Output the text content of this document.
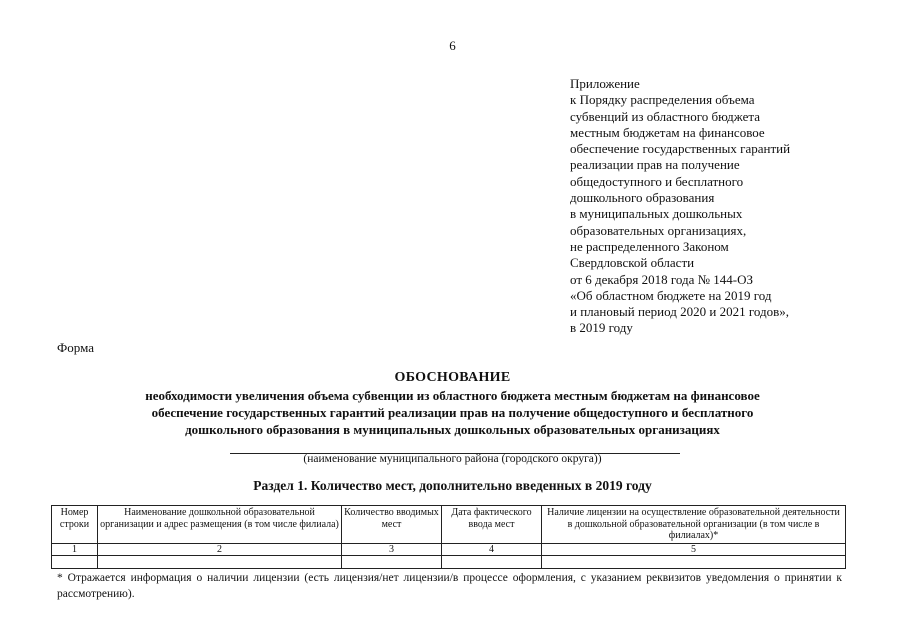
6
Приложение
к Порядку распределения объема
субвенций из областного бюджета
местным бюджетам на финансовое
обеспечение государственных гарантий
реализации прав на получение
общедоступного и бесплатного
дошкольного образования
в муниципальных дошкольных
образовательных организациях,
не распределенного Законом
Свердловской области
от 6 декабря 2018 года № 144-ОЗ
«Об областном бюджете на 2019 год
и плановый период 2020 и 2021 годов»,
в 2019 году
Форма
ОБОСНОВАНИЕ
необходимости увеличения объема субвенции из областного бюджета местным бюджетам на финансовое
обеспечение государственных гарантий реализации прав на получение общедоступного и бесплатного
дошкольного образования в муниципальных дошкольных образовательных организациях
(наименование муниципального района (городского округа))
Раздел 1. Количество мест, дополнительно введенных в 2019 году
Номер строки	Наименование дошкольной образовательной организации и адрес размещения (в том числе филиала)	Количество вводимых мест	Дата фактического ввода мест	Наличие лицензии на осуществление образовательной деятельности в дошкольной образовательной организации (в том числе в филиалах)*
1	2	3	4	5

* Отражается информация о наличии лицензии (есть лицензия/нет лицензии/в процессе оформления, с указанием реквизитов уведомления о принятии к рассмотрению).
